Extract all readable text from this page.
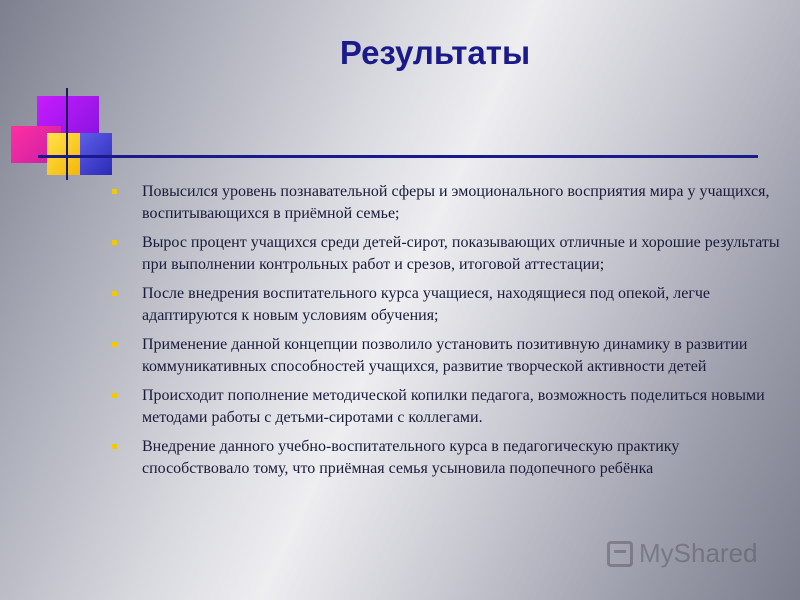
Результаты
Повысился уровень познавательной сферы и эмоционального восприятия мира у учащихся, воспитывающихся в приёмной семье;
Вырос процент учащихся среди детей-сирот, показывающих отличные и хорошие результаты при выполнении контрольных работ и срезов, итоговой аттестации;
После внедрения воспитательного курса учащиеся, находящиеся под опекой, легче адаптируются к новым условиям обучения;
Применение данной концепции позволило установить позитивную динамику в развитии коммуникативных способностей учащихся, развитие творческой активности детей
Происходит пополнение методической копилки педагога, возможность поделиться новыми методами работы с детьми-сиротами с коллегами.
Внедрение данного учебно-воспитательного курса в педагогическую практику способствовало тому, что приёмная семья усыновила подопечного ребёнка
MyShared
